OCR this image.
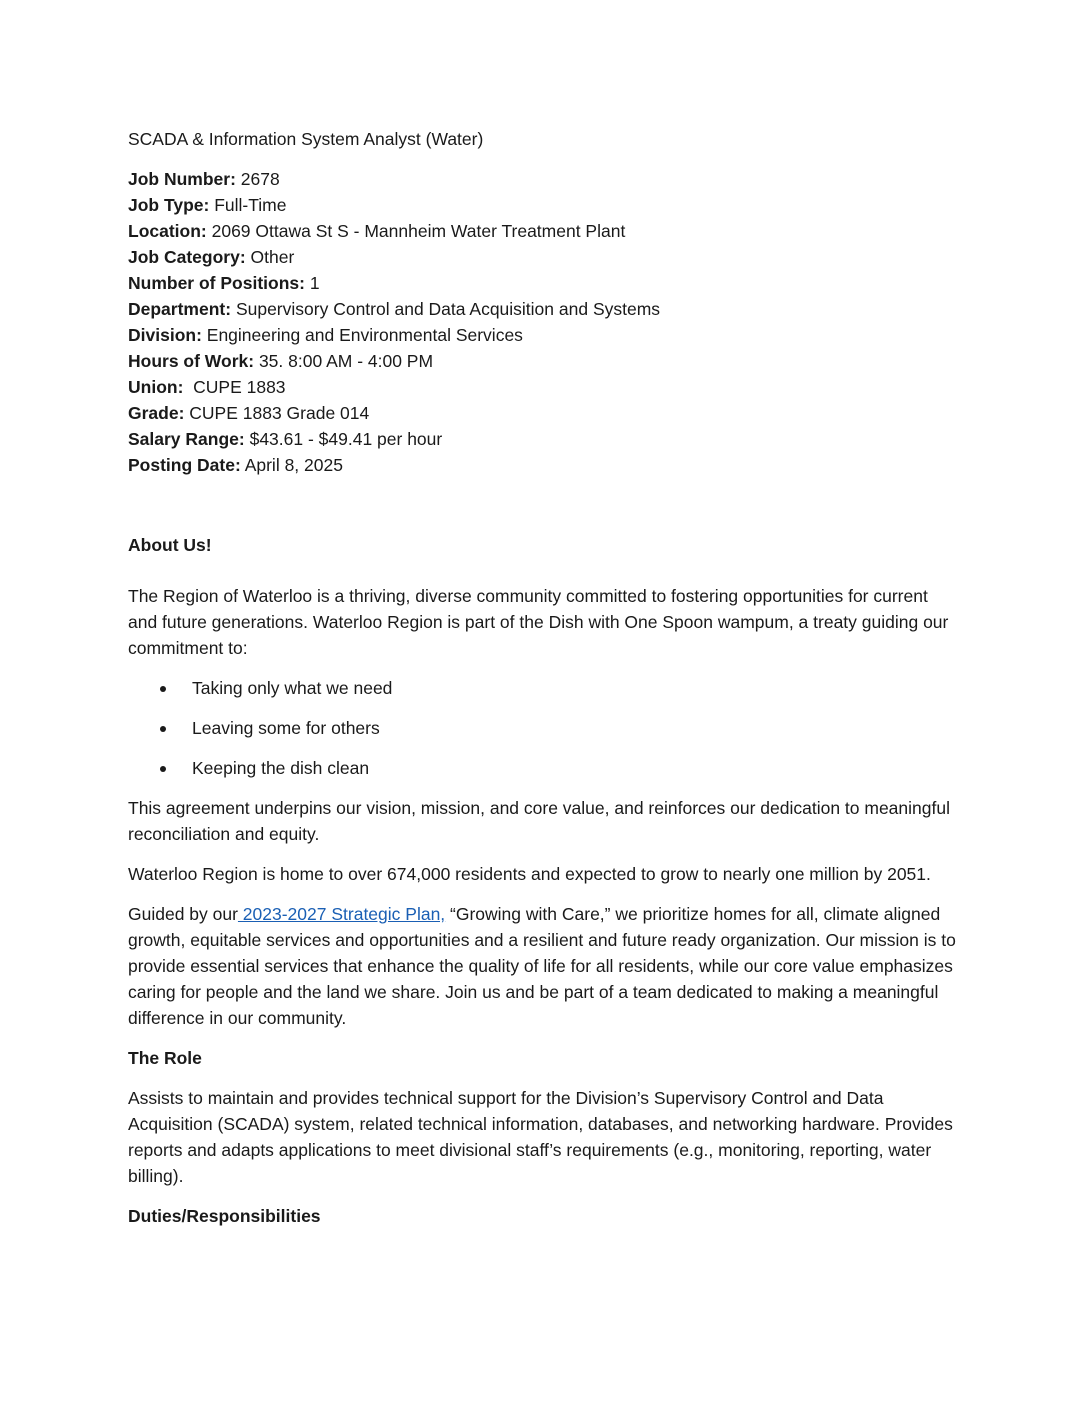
SCADA & Information System Analyst (Water)

Job Number: 2678

Job Type: Full-Time

Location: 2069 Ottawa St S - Mannheim Water Treatment Plant

Job Category: Other

Number of Positions: 1

Department: Supervisory Control and Data Acquisition and Systems

Division: Engineering and Environmental Services

Hours of Work: 35. 8:00 AM - 4:00 PM

Union:  CUPE 1883

Grade: CUPE 1883 Grade 014

Salary Range: $43.61 - $49.41 per hour

Posting Date: April 8, 2025

About Us!

The Region of Waterloo is a thriving, diverse community committed to fostering opportunities for current and future generations. Waterloo Region is part of the Dish with One Spoon wampum, a treaty guiding our commitment to:

Taking only what we need
Leaving some for others
Keeping the dish clean

This agreement underpins our vision, mission, and core value, and reinforces our dedication to meaningful reconciliation and equity.

Waterloo Region is home to over 674,000 residents and expected to grow to nearly one million by 2051.

Guided by our 2023-2027 Strategic Plan, “Growing with Care,” we prioritize homes for all, climate aligned growth, equitable services and opportunities and a resilient and future ready organization. Our mission is to provide essential services that enhance the quality of life for all residents, while our core value emphasizes caring for people and the land we share. Join us and be part of a team dedicated to making a meaningful difference in our community.

The Role

Assists to maintain and provides technical support for the Division’s Supervisory Control and Data Acquisition (SCADA) system, related technical information, databases, and networking hardware. Provides reports and adapts applications to meet divisional staff’s requirements (e.g., monitoring, reporting, water billing).

Duties/Responsibilities
